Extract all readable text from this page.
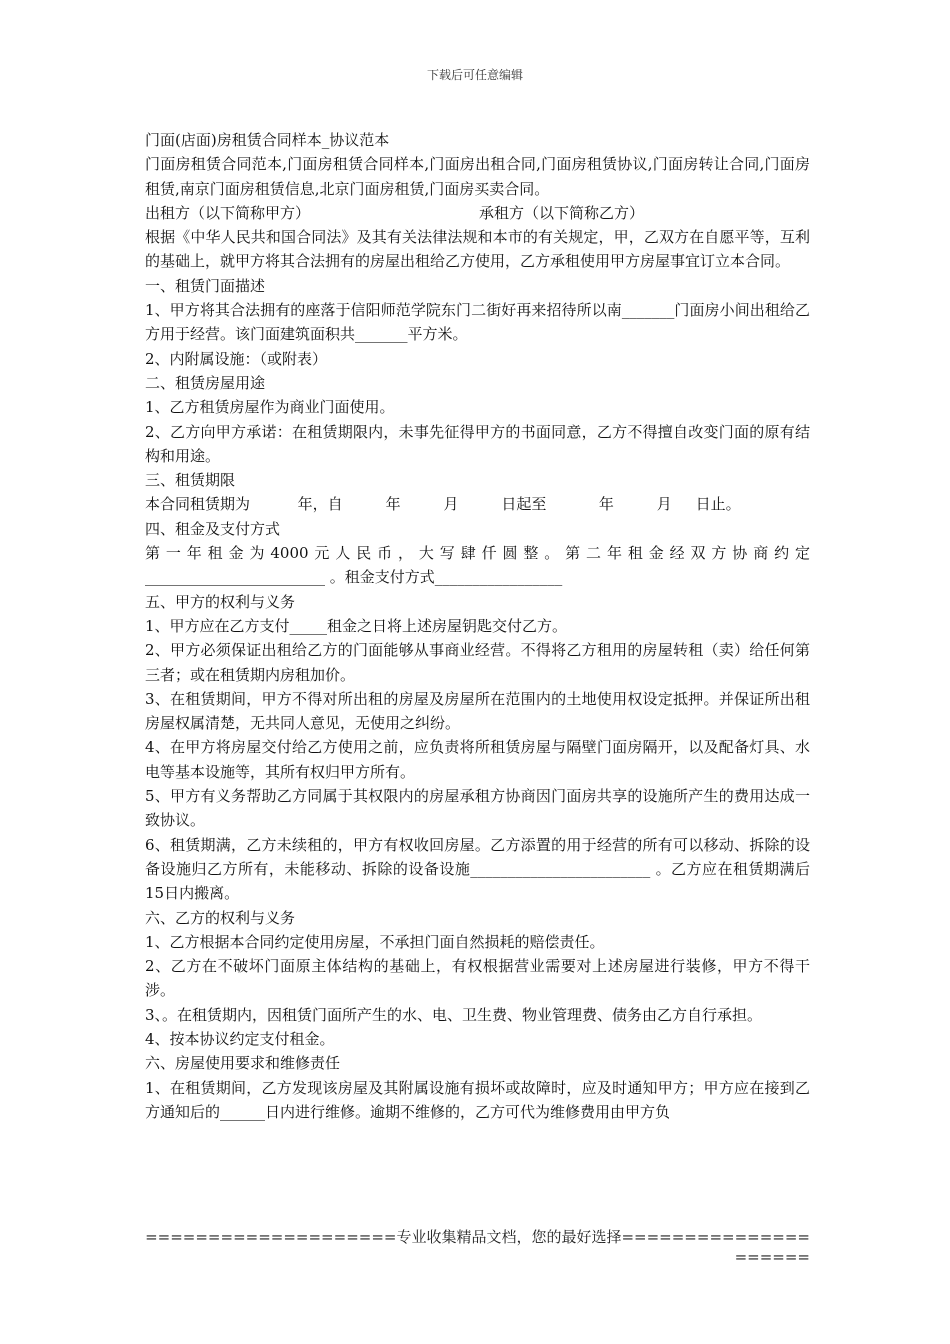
下载后可任意编辑

门面(店面)房租赁合同样本_协议范本

门面房租赁合同范本,门面房租赁合同样本,门面房出租合同,门面房租赁协议,门面房转让合同,门面房租赁,南京门面房租赁信息,北京门面房租赁,门面房买卖合同。

出租方（以下简称甲方）	承租方（以下简称乙方）

根据《中华人民共和国合同法》及其有关法律法规和本市的有关规定，甲，乙双方在自愿平等，互利的基础上，就甲方将其合法拥有的房屋出租给乙方使用，乙方承租使用甲方房屋事宜订立本合同。

一、租赁门面描述

1、甲方将其合法拥有的座落于信阳师范学院东门二街好再来招待所以南_______门面房小间出租给乙方用于经营。该门面建筑面积共_______平方米。

2、内附属设施：（或附表）

二、租赁房屋用途

1、乙方租赁房屋作为商业门面使用。

2、乙方向甲方承诺：在租赁期限内，未事先征得甲方的书面同意，乙方不得擅自改变门面的原有结构和用途。

三、租赁期限

本合同租赁期为          年，自         年         月         日起至           年         月     日止。

四、租金及支付方式

第一年租金为4000元人民币，大写肆仟圆整。第二年租金经双方协商约定________________________ 。租金支付方式_________________

五、甲方的权利与义务

1、甲方应在乙方支付_____租金之日将上述房屋钥匙交付乙方。

2、甲方必须保证出租给乙方的门面能够从事商业经营。不得将乙方租用的房屋转租（卖）给任何第三者；或在租赁期内房租加价。

3、在租赁期间，甲方不得对所出租的房屋及房屋所在范围内的土地使用权设定抵押。并保证所出租房屋权属清楚，无共同人意见，无使用之纠纷。

4、在甲方将房屋交付给乙方使用之前，应负责将所租赁房屋与隔壁门面房隔开，以及配备灯具、水电等基本设施等，其所有权归甲方所有。

5、甲方有义务帮助乙方同属于其权限内的房屋承租方协商因门面房共享的设施所产生的费用达成一致协议。

6、租赁期满，乙方未续租的，甲方有权收回房屋。乙方添置的用于经营的所有可以移动、拆除的设备设施归乙方所有，未能移动、拆除的设备设施________________________ 。乙方应在租赁期满后15日内搬离。

六、乙方的权利与义务

1、乙方根据本合同约定使用房屋，不承担门面自然损耗的赔偿责任。

2、乙方在不破坏门面原主体结构的基础上，有权根据营业需要对上述房屋进行装修，甲方不得干涉。

3、。在租赁期内，因租赁门面所产生的水、电、卫生费、物业管理费、债务由乙方自行承担。

4、按本协议约定支付租金。

六、房屋使用要求和维修责任

1、在租赁期间，乙方发现该房屋及其附属设施有损坏或故障时，应及时通知甲方；甲方应在接到乙方通知后的______日内进行维修。逾期不维修的，乙方可代为维修费用由甲方负

====================专业收集精品文档，您的最好选择=====================
